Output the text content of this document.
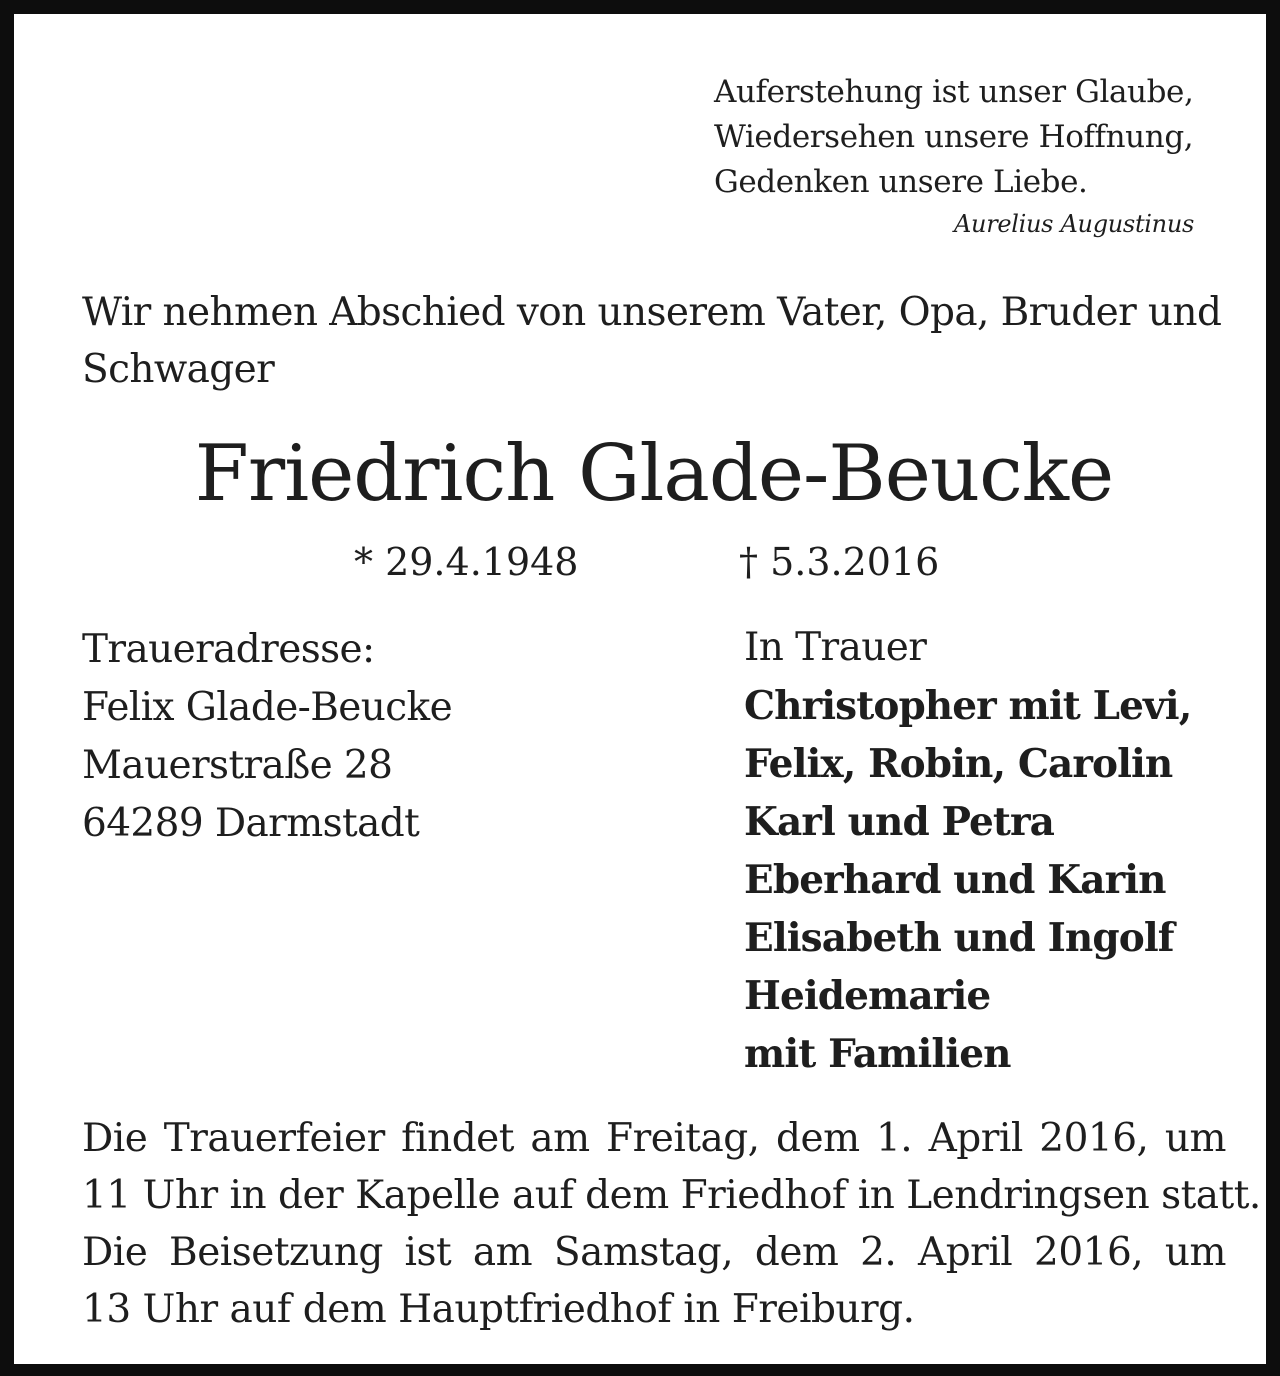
Auferstehung ist unser Glaube,
Wiedersehen unsere Hoffnung,
Gedenken unsere Liebe.
Aurelius Augustinus

Wir nehmen Abschied von unserem Vater, Opa, Bruder und Schwager

Friedrich Glade-Beucke
* 29.4.1948	† 5.3.2016
Traueradresse:
Felix Glade-Beucke
Mauerstraße 28
64289 Darmstadt
In Trauer
Christopher mit Levi,
Felix, Robin, Carolin
Karl und Petra
Eberhard und Karin
Elisabeth und Ingolf
Heidemarie
mit Familien
Die Trauerfeier findet am Freitag, dem 1. April 2016, um
11 Uhr in der Kapelle auf dem Friedhof in Lendringsen statt.
Die Beisetzung ist am Samstag, dem 2. April 2016, um
13 Uhr auf dem Hauptfriedhof in Freiburg.
